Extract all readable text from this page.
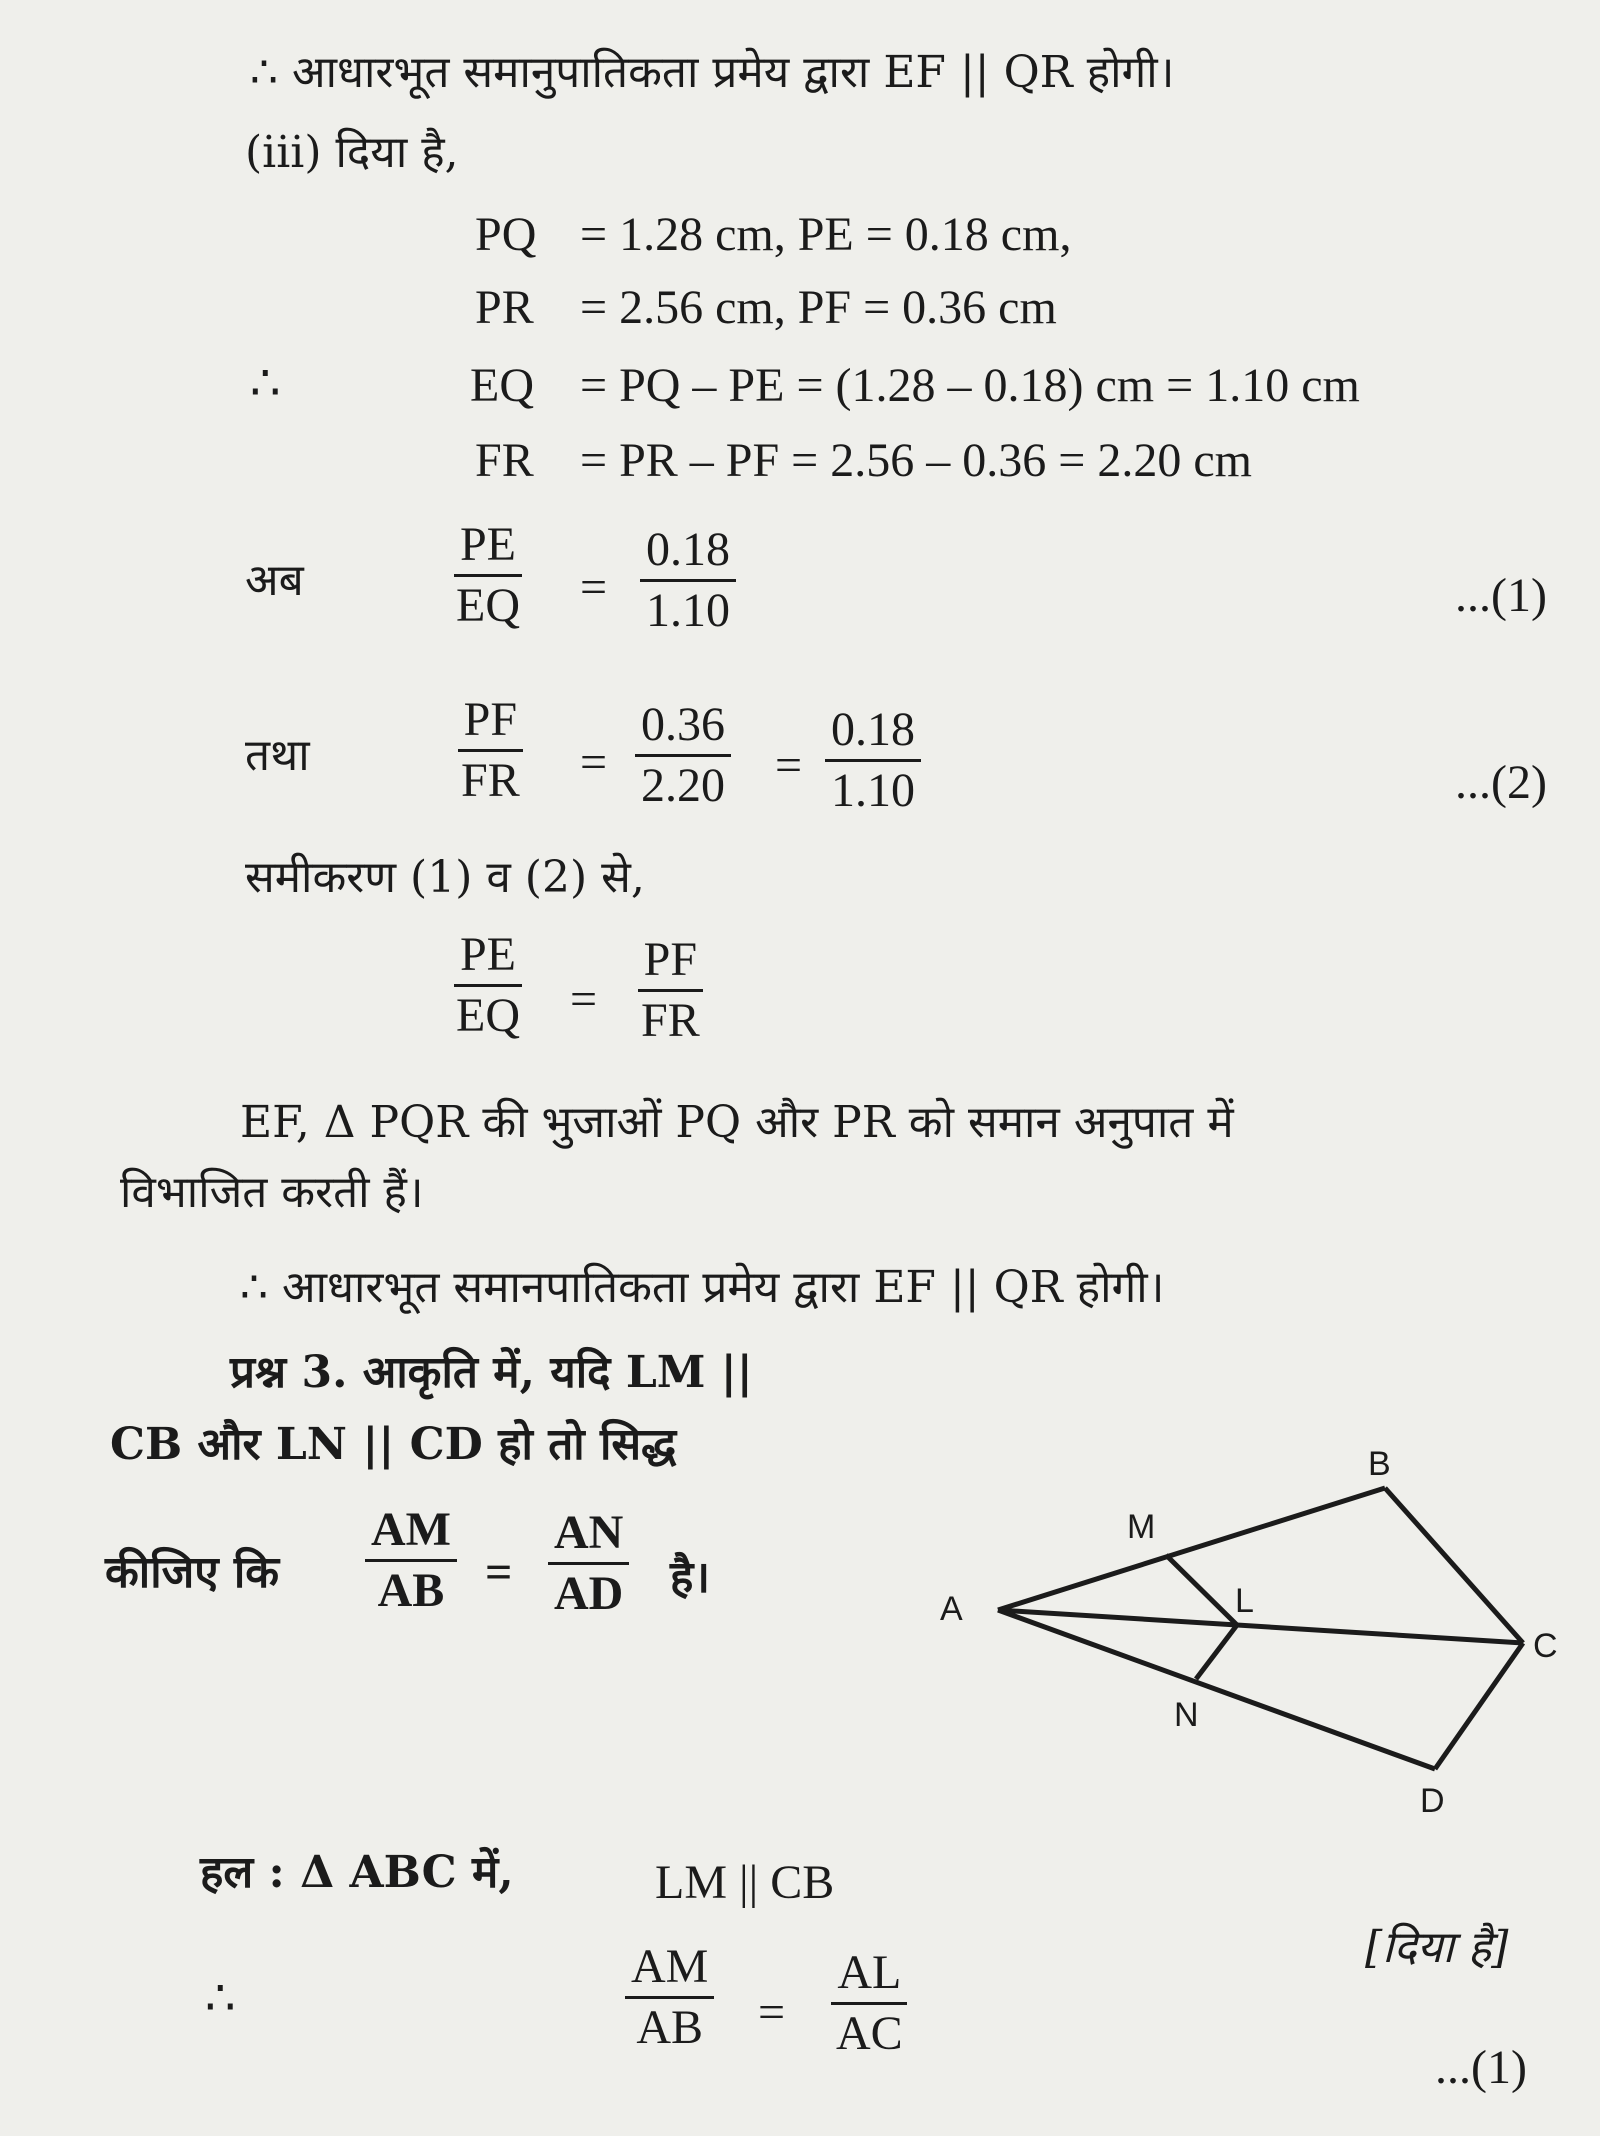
∴ आधारभूत समानुपातिकता प्रमेय द्वारा EF || QR होगी।
(iii) दिया है,
PQ = 1.28 cm, PE = 0.18 cm,
PR = 2.56 cm, PF = 0.36 cm
∴	EQ = PQ – PE = (1.28 – 0.18) cm = 1.10 cm
FR = PR – PF = 2.56 – 0.36 = 2.20 cm
अब	$\frac{PE}{EQ} = \frac{0.18}{1.10}$	...(1)
तथा	$\frac{PF}{FR} = \frac{0.36}{2.20} = \frac{0.18}{1.10}$	...(2)
समीकरण (1) व (2) से,
$\frac{PE}{EQ} = \frac{PF}{FR}$
EF, Δ PQR की भुजाओं PQ और PR को समान अनुपात में
विभाजित करती हैं।
∴ आधारभूत समानपातिकता प्रमेय द्वारा EF || QR होगी।
प्रश्न 3. आकृति में, यदि LM ||
CB और LN || CD हो तो सिद्ध
कीजिए कि $\frac{AM}{AB} = \frac{AN}{AD}$ है।
A
B
C
D
L
M
N
हल : Δ ABC में,	LM || CB
[दिया है]
∴	$\frac{AM}{AB} = \frac{AL}{AC}$
...(1)
